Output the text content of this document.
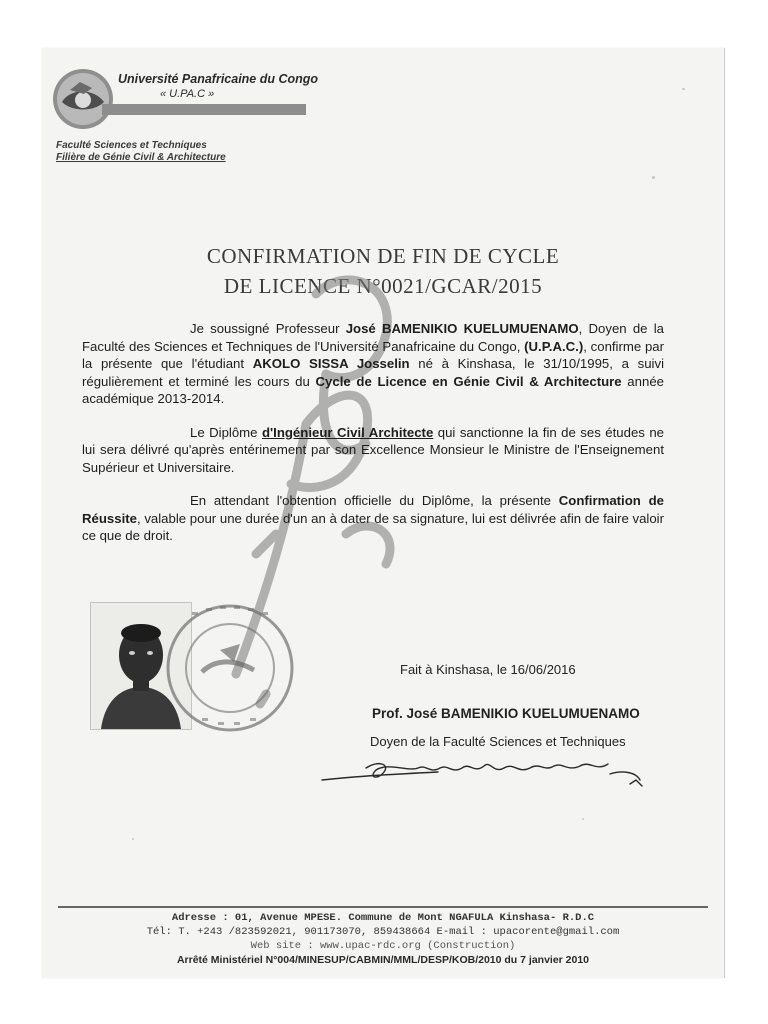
Université Panafricaine du Congo
« U.PA.C »
Faculté Sciences et Techniques
Filière de Génie Civil & Architecture
CONFIRMATION DE FIN DE CYCLE
DE LICENCE N°0021/GCAR/2015

Je soussigné Professeur José BAMENIKIO KUELUMUENAMO, Doyen de la Faculté des Sciences et Techniques de l'Université Panafricaine du Congo, (U.P.A.C.), confirme par la présente que l'étudiant AKOLO SISSA Josselin né à Kinshasa, le 31/10/1995, a suivi régulièrement et terminé les cours du Cycle de Licence en Génie Civil & Architecture année académique 2013-2014.

Le Diplôme d'Ingénieur Civil Architecte qui sanctionne la fin de ses études ne lui sera délivré qu'après entérinement par son Excellence Monsieur le Ministre de l'Enseignement Supérieur et Universitaire.

En attendant l'obtention officielle du Diplôme, la présente Confirmation de Réussite, valable pour une durée d'un an à dater de sa signature, lui est délivrée afin de faire valoir ce que de droit.

Fait à Kinshasa, le 16/06/2016
Prof. José BAMENIKIO KUELUMUENAMO
Doyen de la Faculté Sciences et Techniques
Adresse : 01, Avenue MPESE. Commune de Mont NGAFULA Kinshasa- R.D.C
Tél: T. +243 /823592021, 901173070, 859438664 E-mail : upacorente@gmail.com
Web site : www.upac-rdc.org (Construction)
Arrêté Ministériel N°004/MINESUP/CABMIN/MML/DESP/KOB/2010 du 7 janvier 2010
